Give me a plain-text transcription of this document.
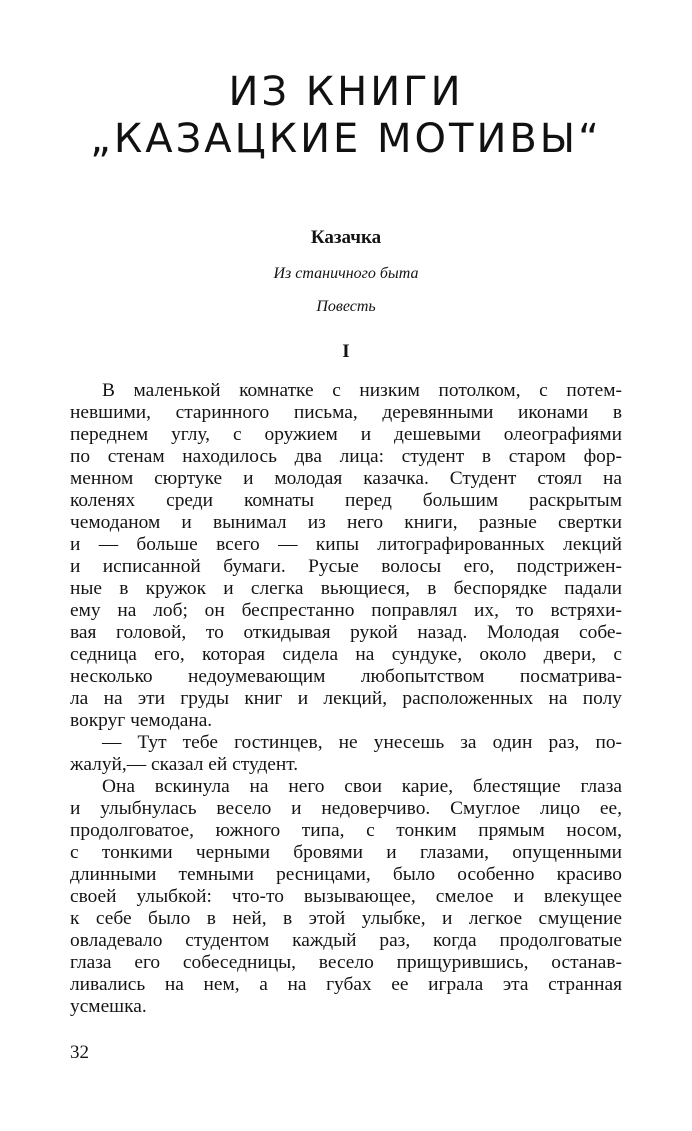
ИЗ КНИГИ
„КАЗАЦКИЕ МОТИВЫ“
Казачка
Из станичного быта
Повесть
I
В маленькой комнатке с низким потолком, с потем-
невшими, старинного письма, деревянными иконами в
переднем углу, с оружием и дешевыми олеографиями
по стенам находилось два лица: студент в старом фор-
менном сюртуке и молодая казачка. Студент стоял на
коленях среди комнаты перед большим раскрытым
чемоданом и вынимал из него книги, разные свертки
и — больше всего — кипы литографированных лекций
и исписанной бумаги. Русые волосы его, подстрижен-
ные в кружок и слегка вьющиеся, в беспорядке падали
ему на лоб; он беспрестанно поправлял их, то встряхи-
вая головой, то откидывая рукой назад. Молодая собе-
седница его, которая сидела на сундуке, около двери, с
несколько недоумевающим любопытством посматрива-
ла на эти груды книг и лекций, расположенных на полу
вокруг чемодана.
— Тут тебе гостинцев, не унесешь за один раз, по-
жалуй,— сказал ей студент.
Она вскинула на него свои карие, блестящие глаза
и улыбнулась весело и недоверчиво. Смуглое лицо ее,
продолговатое, южного типа, с тонким прямым носом,
с тонкими черными бровями и глазами, опущенными
длинными темными ресницами, было особенно красиво
своей улыбкой: что-то вызывающее, смелое и влекущее
к себе было в ней, в этой улыбке, и легкое смущение
овладевало студентом каждый раз, когда продолговатые
глаза его собеседницы, весело прищурившись, останав-
ливались на нем, а на губах ее играла эта странная
усмешка.
32
